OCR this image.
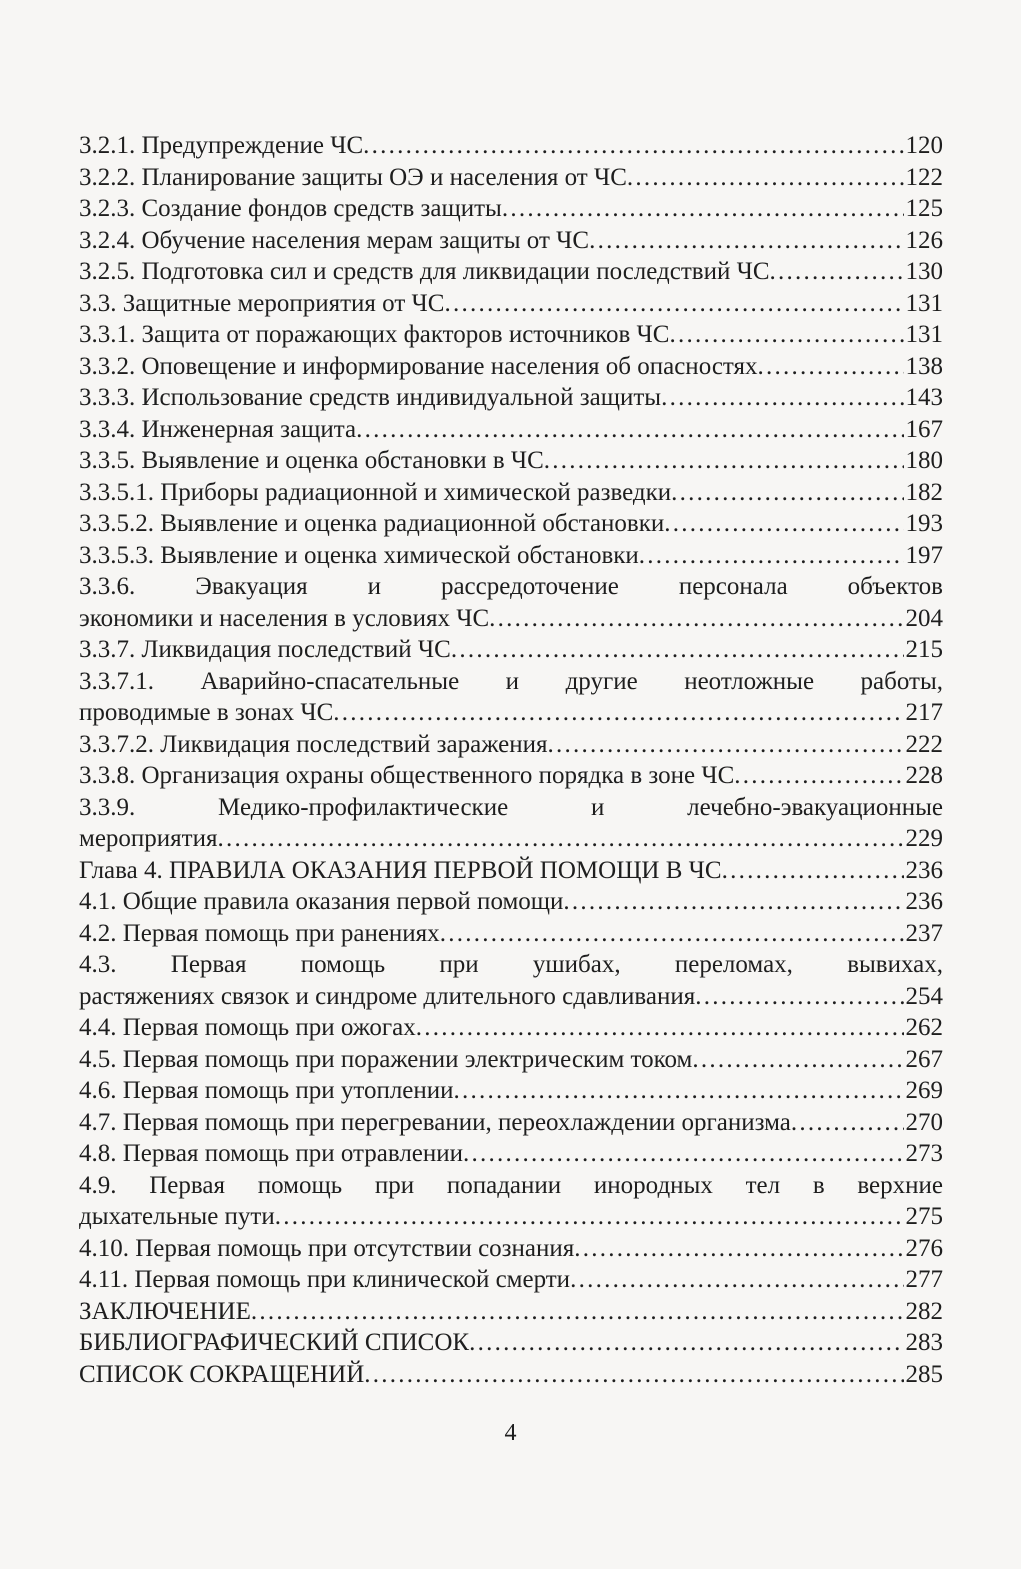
3.2.1. Предупреждение ЧС . . .	120
3.2.2. Планирование защиты ОЭ и населения от ЧС . . .	122
3.2.3. Создание фондов средств защиты . . .	125
3.2.4. Обучение населения мерам защиты от ЧС . . .	126
3.2.5. Подготовка сил и средств для ликвидации последствий ЧС . . .	130
3.3. Защитные мероприятия от ЧС . . .	131
3.3.1. Защита от поражающих факторов источников ЧС . . .	131
3.3.2. Оповещение и информирование населения об опасностях . . .	138
3.3.3. Использование средств индивидуальной защиты . . .	143
3.3.4. Инженерная защита . . .	167
3.3.5. Выявление и оценка обстановки в ЧС . . .	180
3.3.5.1. Приборы радиационной и химической разведки . . .	182
3.3.5.2. Выявление и оценка радиационной обстановки . . .	193
3.3.5.3. Выявление и оценка химической обстановки . . .	197
3.3.6. Эвакуация и рассредоточение персонала объектов
экономики и населения в условиях ЧС . . .	204
3.3.7. Ликвидация последствий ЧС . . .	215
3.3.7.1. Аварийно-спасательные и другие неотложные работы,
проводимые в зонах ЧС . . .	217
3.3.7.2. Ликвидация последствий заражения . . .	222
3.3.8. Организация охраны общественного порядка в зоне ЧС . . .	228
3.3.9. Медико-профилактические и лечебно-эвакуационные
мероприятия . . .	229
Глава 4. ПРАВИЛА ОКАЗАНИЯ ПЕРВОЙ ПОМОЩИ В ЧС . . .	236
4.1. Общие правила оказания первой помощи . . .	236
4.2. Первая помощь при ранениях . . .	237
4.3. Первая помощь при ушибах, переломах, вывихах,
растяжениях связок и синдроме длительного сдавливания . . .	254
4.4. Первая помощь при ожогах . . .	262
4.5. Первая помощь при поражении электрическим током . . .	267
4.6. Первая помощь при утоплении . . .	269
4.7. Первая помощь при перегревании, переохлаждении организма . . .	270
4.8. Первая помощь при отравлении . . .	273
4.9. Первая помощь при попадании инородных тел в верхние
дыхательные пути . . .	275
4.10. Первая помощь при отсутствии сознания . . .	276
4.11. Первая помощь при клинической смерти . . .	277
ЗАКЛЮЧЕНИЕ . . .	282
БИБЛИОГРАФИЧЕСКИЙ СПИСОК . . .	283
СПИСОК СОКРАЩЕНИЙ . . .	285
4
